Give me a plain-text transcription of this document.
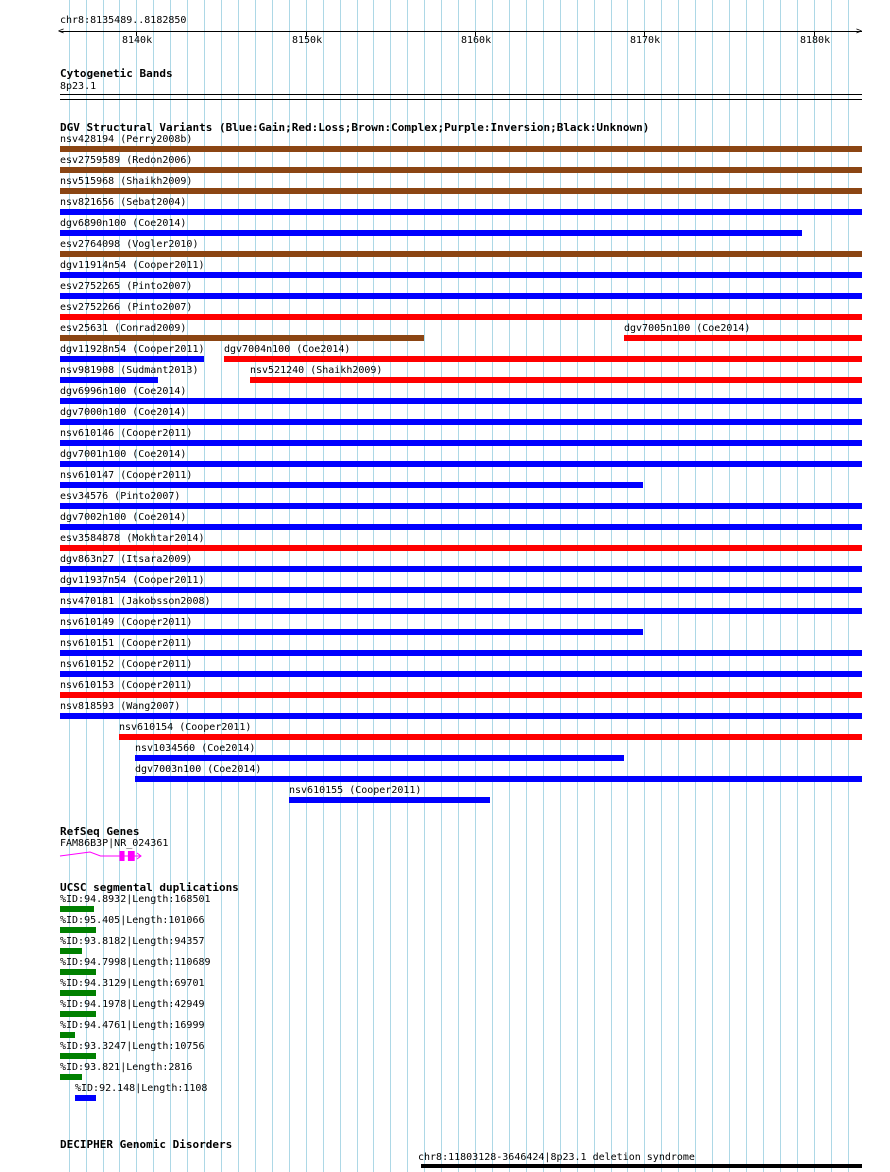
chr8:8135489..8182850
<	>
8140k	8150k	8160k	8170k	8180k
Cytogenetic Bands
8p23.1
DGV Structural Variants (Blue:Gain;Red:Loss;Brown:Complex;Purple:Inversion;Black:Unknown)
nsv428194 (Perry2008b)
esv2759589 (Redon2006)
nsv515968 (Shaikh2009)
nsv821656 (Sebat2004)
dgv6890n100 (Coe2014)
esv2764098 (Vogler2010)
dgv11914n54 (Cooper2011)
esv2752265 (Pinto2007)
esv2752266 (Pinto2007)
esv25631 (Conrad2009)	dgv7005n100 (Coe2014)
dgv11928n54 (Cooper2011) dgv7004n100 (Coe2014)
nsv981908 (Sudmant2013)	nsv521240 (Shaikh2009)
dgv6996n100 (Coe2014)
dgv7000n100 (Coe2014)
nsv610146 (Cooper2011)
dgv7001n100 (Coe2014)
nsv610147 (Cooper2011)
esv34576 (Pinto2007)
dgv7002n100 (Coe2014)
esv3584878 (Mokhtar2014)
dgv863n27 (Itsara2009)
dgv11937n54 (Cooper2011)
nsv470181 (Jakobsson2008)
nsv610149 (Cooper2011)
nsv610151 (Cooper2011)
nsv610152 (Cooper2011)
nsv610153 (Cooper2011)
nsv818593 (Wang2007)
nsv610154 (Cooper2011)
nsv1034560 (Coe2014)
dgv7003n100 (Coe2014)
nsv610155 (Cooper2011)
RefSeq Genes
FAM86B3P|NR_024361
UCSC segmental duplications
%ID:94.8932|Length:168501
%ID:95.405|Length:101066
%ID:93.8182|Length:94357
%ID:94.7998|Length:110689
%ID:94.3129|Length:69701
%ID:94.1978|Length:42949
%ID:94.4761|Length:16999
%ID:93.3247|Length:10756
%ID:93.821|Length:2816
%ID:92.148|Length:1108
DECIPHER Genomic Disorders
chr8:11803128-3646424|8p23.1 deletion syndrome
